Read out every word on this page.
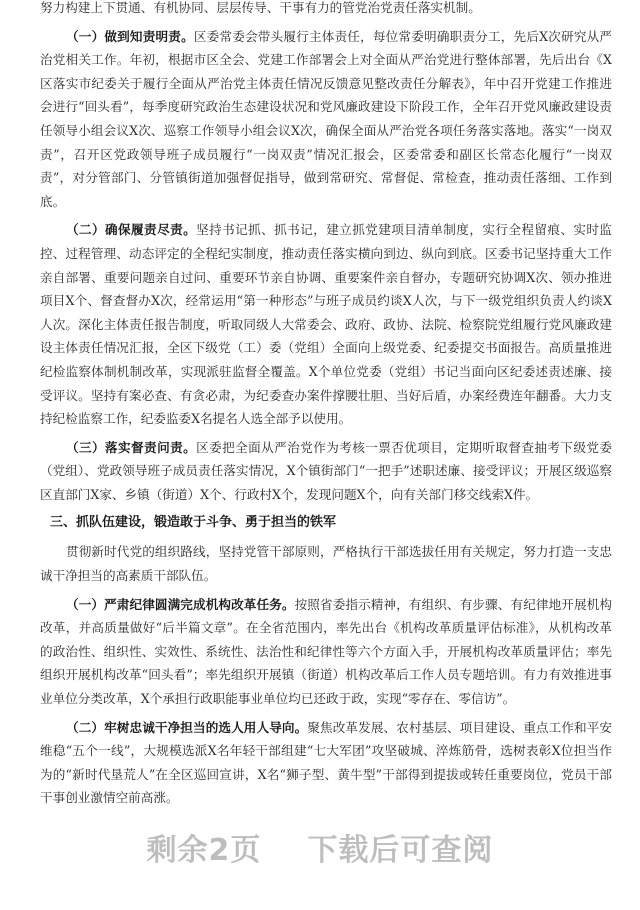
努力构建上下贯通、有机协同、层层传导、干事有力的管党治党责任落实机制。

（一）做到知责明责。区委常委会带头履行主体责任，每位常委明确职责分工，先后X次研究从严治党相关工作。年初，根据市区全会、党建工作部署会上对全面从严治党进行整体部署，先后出台《X区落实市纪委关于履行全面从严治党主体责任情况反馈意见整改责任分解表》，年中召开党建工作推进会进行“回头看”，每季度研究政治生态建设状况和党风廉政建设下阶段工作，全年召开党风廉政建设责任领导小组会议X次、巡察工作领导小组会议X次，确保全面从严治党各项任务落实落地。落实“一岗双责”，召开区党政领导班子成员履行“一岗双责”情况汇报会，区委常委和副区长常态化履行“一岗双责”，对分管部门、分管镇街道加强督促指导，做到常研究、常督促、常检查，推动责任落细、工作到底。

（二）确保履责尽责。坚持书记抓、抓书记，建立抓党建项目清单制度，实行全程留痕、实时监控、过程管理、动态评定的全程纪实制度，推动责任落实横向到边、纵向到底。区委书记坚持重大工作亲自部署、重要问题亲自过问、重要环节亲自协调、重要案件亲自督办，专题研究协调X次、领办推进项目X个、督查督办X次，经常运用“第一种形态”与班子成员约谈X人次，与下一级党组织负责人约谈X人次。深化主体责任报告制度，听取同级人大常委会、政府、政协、法院、检察院党组履行党风廉政建设主体责任情况汇报，全区下级党（工）委（党组）全面向上级党委、纪委提交书面报告。高质量推进纪检监察体制机制改革，实现派驻监督全覆盖。X个单位党委（党组）书记当面向区纪委述责述廉、接受评议。坚持有案必查、有贪必肃，为纪委查办案件撑腰壮胆、当好后盾，办案经费连年翻番。大力支持纪检监察工作，纪委监委X名提名人选全部予以使用。

（三）落实督责问责。区委把全面从严治党作为考核一票否优项目，定期听取督查抽考下级党委（党组）、党政领导班子成员责任落实情况，X个镇街部门“一把手”述职述廉、接受评议；开展区级巡察区直部门X家、乡镇（街道）X个、行政村X个，发现问题X个，向有关部门移交线索X件。

三、抓队伍建设，锻造敢于斗争、勇于担当的铁军

贯彻新时代党的组织路线，坚持党管干部原则，严格执行干部选拔任用有关规定，努力打造一支忠诚干净担当的高素质干部队伍。

（一）严肃纪律圆满完成机构改革任务。按照省委指示精神，有组织、有步骤、有纪律地开展机构改革，并高质量做好“后半篇文章”。在全省范围内，率先出台《机构改革质量评估标准》，从机构改革的政治性、组织性、实效性、系统性、法治性和纪律性等六个方面入手，开展机构改革质量评估；率先组织开展机构改革“回头看”；率先组织开展镇（街道）机构改革后工作人员专题培训。有力有效推进事业单位分类改革，X个承担行政职能事业单位均已还政于政，实现“零存在、零信访”。

（二）牢树忠诚干净担当的选人用人导向。聚焦改革发展、农村基层、项目建设、重点工作和平安维稳“五个一线”，大规模选派X名年轻干部组建“七大军团”攻坚破城、淬炼筋骨，选树表彰X位担当作为的“新时代垦荒人”在全区巡回宣讲，X名“狮子型、黄牛型”干部得到提拔或转任重要岗位，党员干部干事创业激情空前高涨。

剩余2页 下载后可查阅
